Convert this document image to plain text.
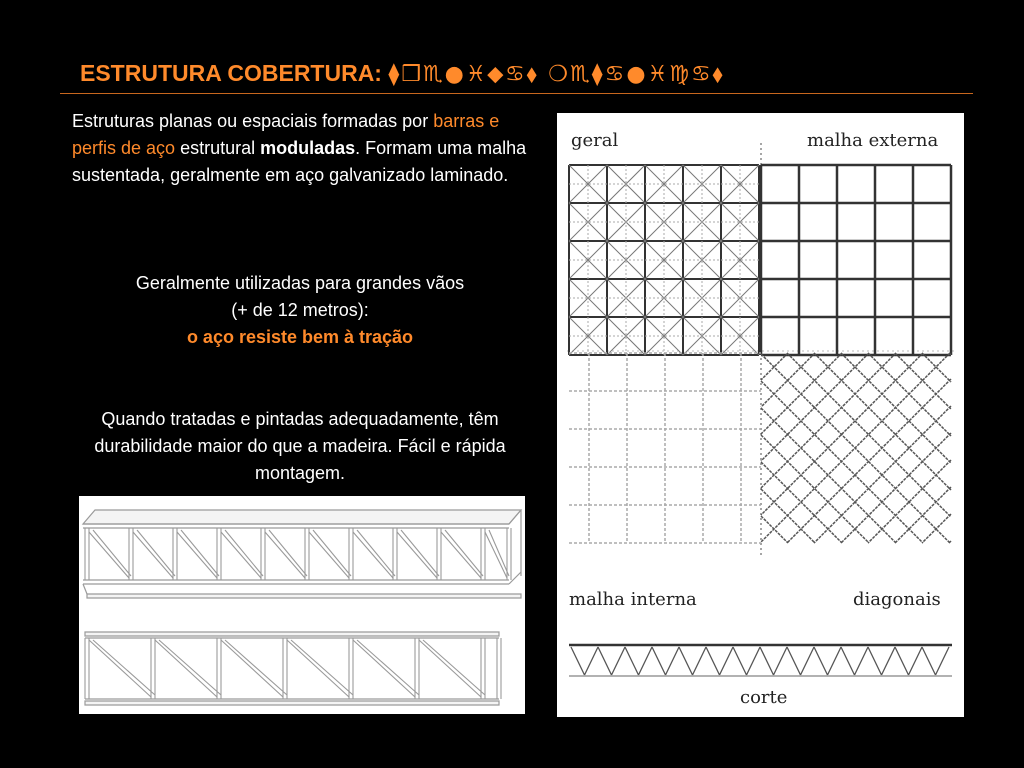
ESTRUTURA COBERTURA: ⧫❒♏●♓⬥♋⬧ ❍♏⧫♋●♓♍♋⬧

Estruturas planas ou espaciais formadas por barras e perfis de aço estrutural moduladas. Formam uma malha sustentada, geralmente em aço galvanizado laminado.

Geralmente utilizadas para grandes vãos
(+ de 12 metros):
o aço resiste bem à tração

Quando tratadas e pintadas adequadamente, têm durabilidade maior do que a madeira. Fácil e rápida montagem.

geral	malha externa
malha interna	diagonais
corte
